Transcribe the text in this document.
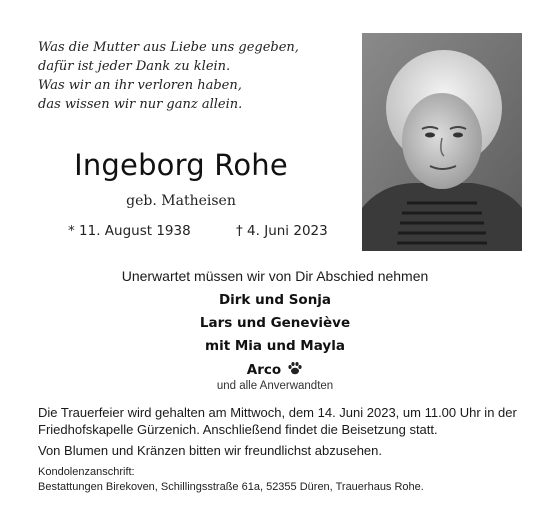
Was die Mutter aus Liebe uns gegeben,
dafür ist jeder Dank zu klein.
Was wir an ihr verloren haben,
das wissen wir nur ganz allein.
Ingeborg Rohe
geb. Matheisen
* 11. August 1938	† 4. Juni 2023
Unerwartet müssen wir von Dir Abschied nehmen
Dirk und Sonja
Lars und Geneviève
mit Mia und Mayla
Arco
und alle Anverwandten
Die Trauerfeier wird gehalten am Mittwoch, dem 14. Juni 2023, um 11.00 Uhr in der Friedhofskapelle Gürzenich. Anschließend findet die Beisetzung statt.
Von Blumen und Kränzen bitten wir freundlichst abzusehen.
Kondolenzanschrift:
Bestattungen Birekoven, Schillingsstraße 61a, 52355 Düren, Trauerhaus Rohe.
